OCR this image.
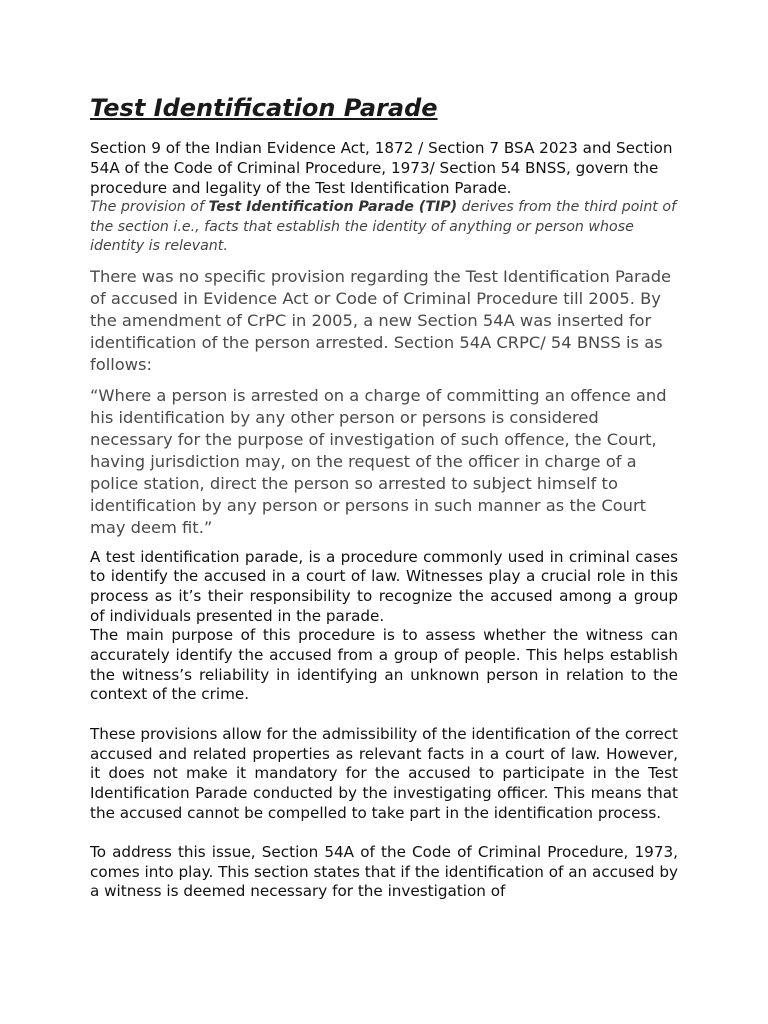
Test Identification Parade

Section 9 of the Indian Evidence Act, 1872 / Section 7 BSA 2023 and Section 54A of the Code of Criminal Procedure, 1973/ Section 54 BNSS, govern the procedure and legality of the Test Identification Parade.

The provision of Test Identification Parade (TIP) derives from the third point of the section i.e., facts that establish the identity of anything or person whose identity is relevant.

There was no specific provision regarding the Test Identification Parade of accused in Evidence Act or Code of Criminal Procedure till 2005. By the amendment of CrPC in 2005, a new Section 54A was inserted for identification of the person arrested. Section 54A CRPC/ 54 BNSS is as follows:

“Where a person is arrested on a charge of committing an offence and his identification by any other person or persons is considered necessary for the purpose of investigation of such offence, the Court, having jurisdiction may, on the request of the officer in charge of a police station, direct the person so arrested to subject himself to identification by any person or persons in such manner as the Court may deem fit.”

A test identification parade, is a procedure commonly used in criminal cases to identify the accused in a court of law. Witnesses play a crucial role in this process as it’s their responsibility to recognize the accused among a group of individuals presented in the parade.

The main purpose of this procedure is to assess whether the witness can accurately identify the accused from a group of people. This helps establish the witness’s reliability in identifying an unknown person in relation to the context of the crime.

These provisions allow for the admissibility of the identification of the correct accused and related properties as relevant facts in a court of law. However, it does not make it mandatory for the accused to participate in the Test Identification Parade conducted by the investigating officer. This means that the accused cannot be compelled to take part in the identification process.

To address this issue, Section 54A of the Code of Criminal Procedure, 1973, comes into play. This section states that if the identification of an accused by a witness is deemed necessary for the investigation of
